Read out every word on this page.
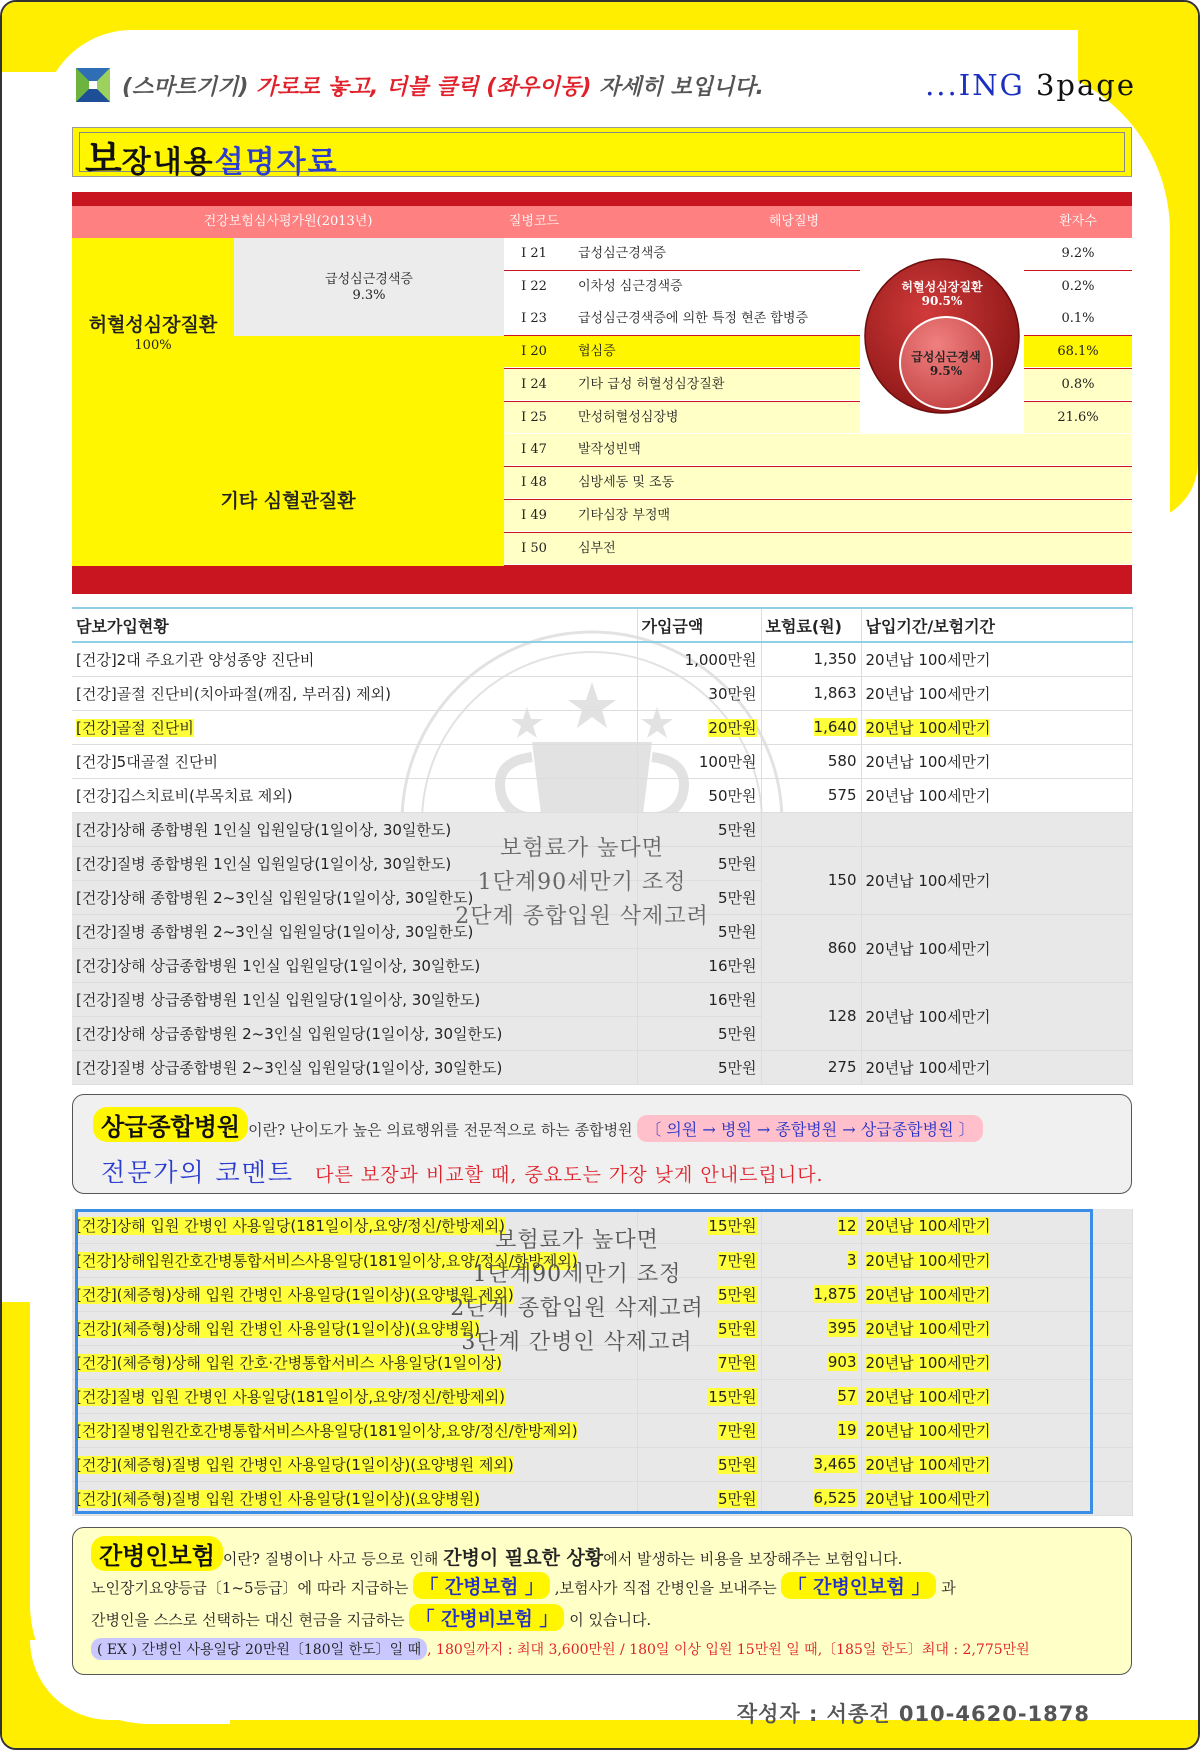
(스마트기기) 가로로 놓고, 더블 클릭 (좌우이동) 자세히 보입니다.	...ING 3page
보장내용설명자료
건강보험심사평가원(2013년)	질병코드	해당질병	환자수
허혈성심장질환
100%
급성심근경색증
9.3%
I 21	급성심근경색증	9.2%
I 22	이차성 심근경색증	0.2%
I 23	급성심근경색증에 의한 특정 현존 합병증	0.1%
I 20	협심증	68.1%
I 24	기타 급성 허혈성심장질환	0.8%
I 25	만성허혈성심장병	21.6%
허혈성심장질환
90.5%
급성심근경색
9.5%
기타 심혈관질환
I 47	발작성빈맥
I 48	심방세동 및 조동
I 49	기타심장 부정맥
I 50	심부전
담보가입현황	가입금액	보험료(원)	납입기간/보험기간
[건강]2대 주요기관 양성종양 진단비	1,000만원	1,350	20년납 100세만기
[건강]골절 진단비(치아파절(깨짐, 부러짐) 제외)	30만원	1,863	20년납 100세만기
[건강]골절 진단비	20만원	1,640	20년납 100세만기
[건강]5대골절 진단비	100만원	580	20년납 100세만기
[건강]깁스치료비(부목치료 제외)	50만원	575	20년납 100세만기
[건강]상해 종합병원 1인실 입원일당(1일이상, 30일한도)	5만원		
[건강]질병 종합병원 1인실 입원일당(1일이상, 30일한도)	5만원	150	20년납 100세만기
[건강]상해 종합병원 2~3인실 입원일당(1일이상, 30일한도)	5만원		
[건강]질병 종합병원 2~3인실 입원일당(1일이상, 30일한도)	5만원	860	20년납 100세만기
[건강]상해 상급종합병원 1인실 입원일당(1일이상, 30일한도)	16만원		
[건강]질병 상급종합병원 1인실 입원일당(1일이상, 30일한도)	16만원	128	20년납 100세만기
[건강]상해 상급종합병원 2~3인실 입원일당(1일이상, 30일한도)	5만원		
[건강]질병 상급종합병원 2~3인실 입원일당(1일이상, 30일한도)	5만원	275	20년납 100세만기
보험료가 높다면
1단계90세만기 조정
2단계 종합입원 삭제고려
상급종합병원 이란? 난이도가 높은 의료행위를 전문적으로 하는 종합병원 〔 의원 → 병원 → 종합병원 → 상급종합병원 〕
전문가의 코멘트 다른 보장과 비교할 때, 중요도는 가장 낮게 안내드립니다.
[건강]상해 입원 간병인 사용일당(181일이상,요양/정신/한방제외)	15만원	12	20년납 100세만기
[건강]상해입원간호간병통합서비스사용일당(181일이상,요양/정신/한방제외)	7만원	3	20년납 100세만기
[건강](체증형)상해 입원 간병인 사용일당(1일이상)(요양병원 제외)	5만원	1,875	20년납 100세만기
[건강](체증형)상해 입원 간병인 사용일당(1일이상)(요양병원)	5만원	395	20년납 100세만기
[건강](체증형)상해 입원 간호·간병통합서비스 사용일당(1일이상)	7만원	903	20년납 100세만기
[건강]질병 입원 간병인 사용일당(181일이상,요양/정신/한방제외)	15만원	57	20년납 100세만기
[건강]질병입원간호간병통합서비스사용일당(181일이상,요양/정신/한방제외)	7만원	19	20년납 100세만기
[건강](체증형)질병 입원 간병인 사용일당(1일이상)(요양병원 제외)	5만원	3,465	20년납 100세만기
[건강](체증형)질병 입원 간병인 사용일당(1일이상)(요양병원)	5만원	6,525	20년납 100세만기
보험료가 높다면
1단계90세만기 조정
2단계 종합입원 삭제고려
3단계 간병인 삭제고려
간병인보험 이란? 질병이나 사고 등으로 인해 간병이 필요한 상황에서 발생하는 비용을 보장해주는 보험입니다.
노인장기요양등급〔1~5등급〕에 따라 지급하는 「 간병보험 」 ,보험사가 직접 간병인을 보내주는 「 간병인보험 」 과
간병인을 스스로 선택하는 대신 현금을 지급하는 「 간병비보험 」 이 있습니다.
( EX ) 간병인 사용일당 20만원〔180일 한도〕일 때 , 180일까지 : 최대 3,600만원 / 180일 이상 입원 15만원 일 때,〔185일 한도〕최대 : 2,775만원
작성자 : 서종건 010-4620-1878
